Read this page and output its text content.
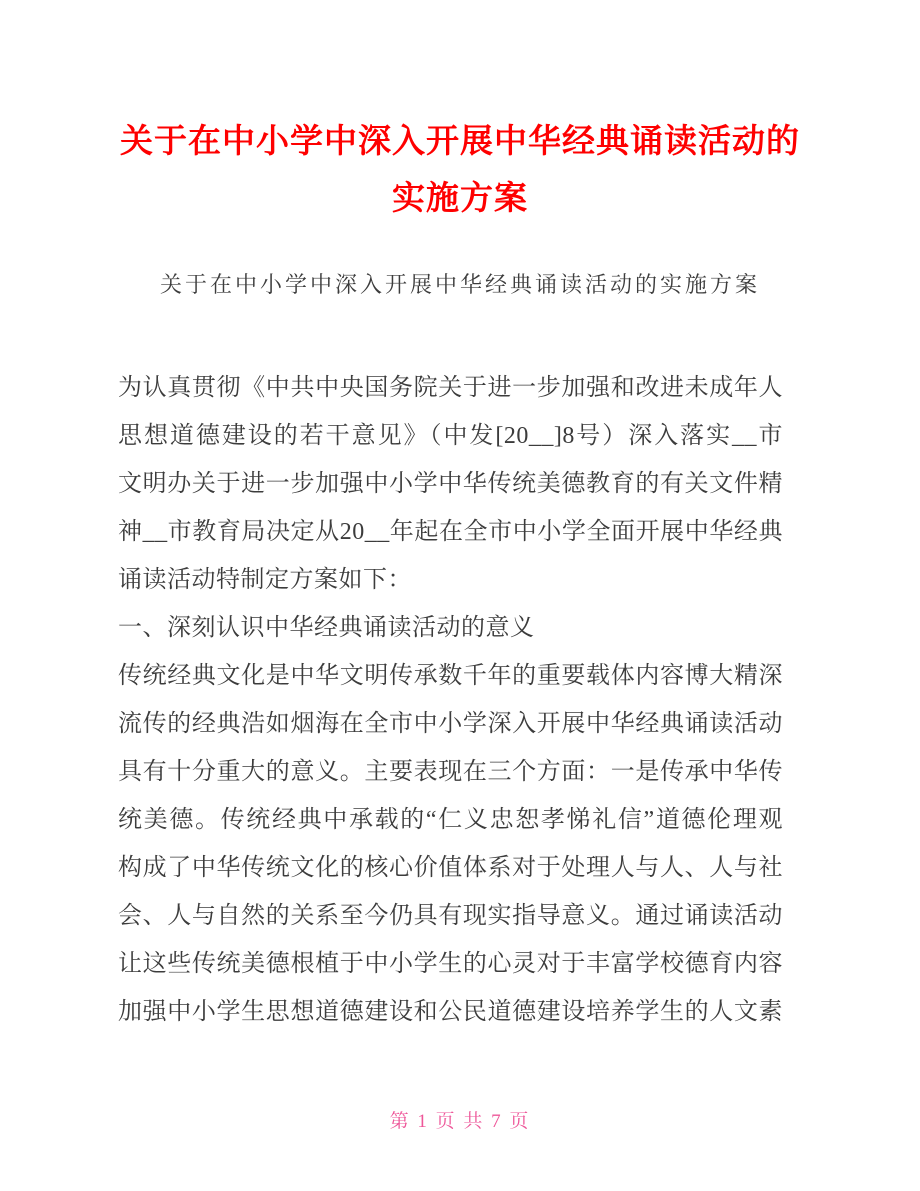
关于在中小学中深入开展中华经典诵读活动的
实施方案
关于在中小学中深入开展中华经典诵读活动的实施方案
为认真贯彻《中共中央国务院关于进一步加强和改进未成年人
思想道德建设的若干意见》（中发[20__]8号）深入落实__市
文明办关于进一步加强中小学中华传统美德教育的有关文件精
神__市教育局决定从20__年起在全市中小学全面开展中华经典
诵读活动特制定方案如下：
一、深刻认识中华经典诵读活动的意义
传统经典文化是中华文明传承数千年的重要载体内容博大精深
流传的经典浩如烟海在全市中小学深入开展中华经典诵读活动
具有十分重大的意义。主要表现在三个方面：一是传承中华传
统美德。传统经典中承载的“仁义忠恕孝悌礼信”道德伦理观
构成了中华传统文化的核心价值体系对于处理人与人、人与社
会、人与自然的关系至今仍具有现实指导意义。通过诵读活动
让这些传统美德根植于中小学生的心灵对于丰富学校德育内容
加强中小学生思想道德建设和公民道德建设培养学生的人文素
第 1 页 共 7 页
